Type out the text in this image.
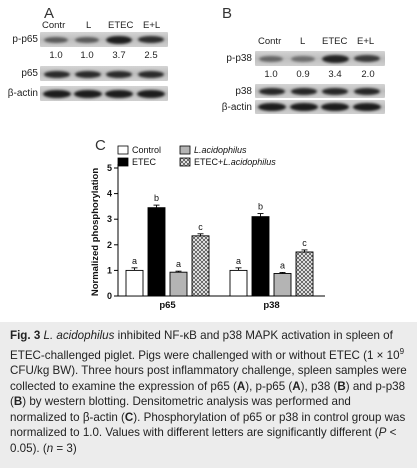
A
Contr L ETEC E+L
p-p65
1.0	1.0	3.7	2.5
p65
β-actin
B
Contr L ETEC E+L
p-p38
1.0	0.9	3.4	2.0
p38
β-actin
C	Control	L.acidophilus
ETEC	ETEC+L.acidophilus
0
1
2
3
4
5
Normalized phosphorylation	a
b
a
c
p65
a
b
a
c
p38
Fig. 3 L. acidophilus inhibited NF-κB and p38 MAPK activation in spleen of ETEC-challenged piglet. Pigs were challenged with or without ETEC ($1 \times 10^9$ CFU/kg BW). Three hours post inflammatory challenge, spleen samples were collected to examine the expression of p65 (A), p-p65 (A), p38 (B) and p-p38 (B) by western blotting. Densitometric analysis was performed and normalized to β-actin (C). Phosphorylation of p65 or p38 in control group was normalized to 1.0. Values with different letters are significantly different (P < 0.05). (n = 3)
